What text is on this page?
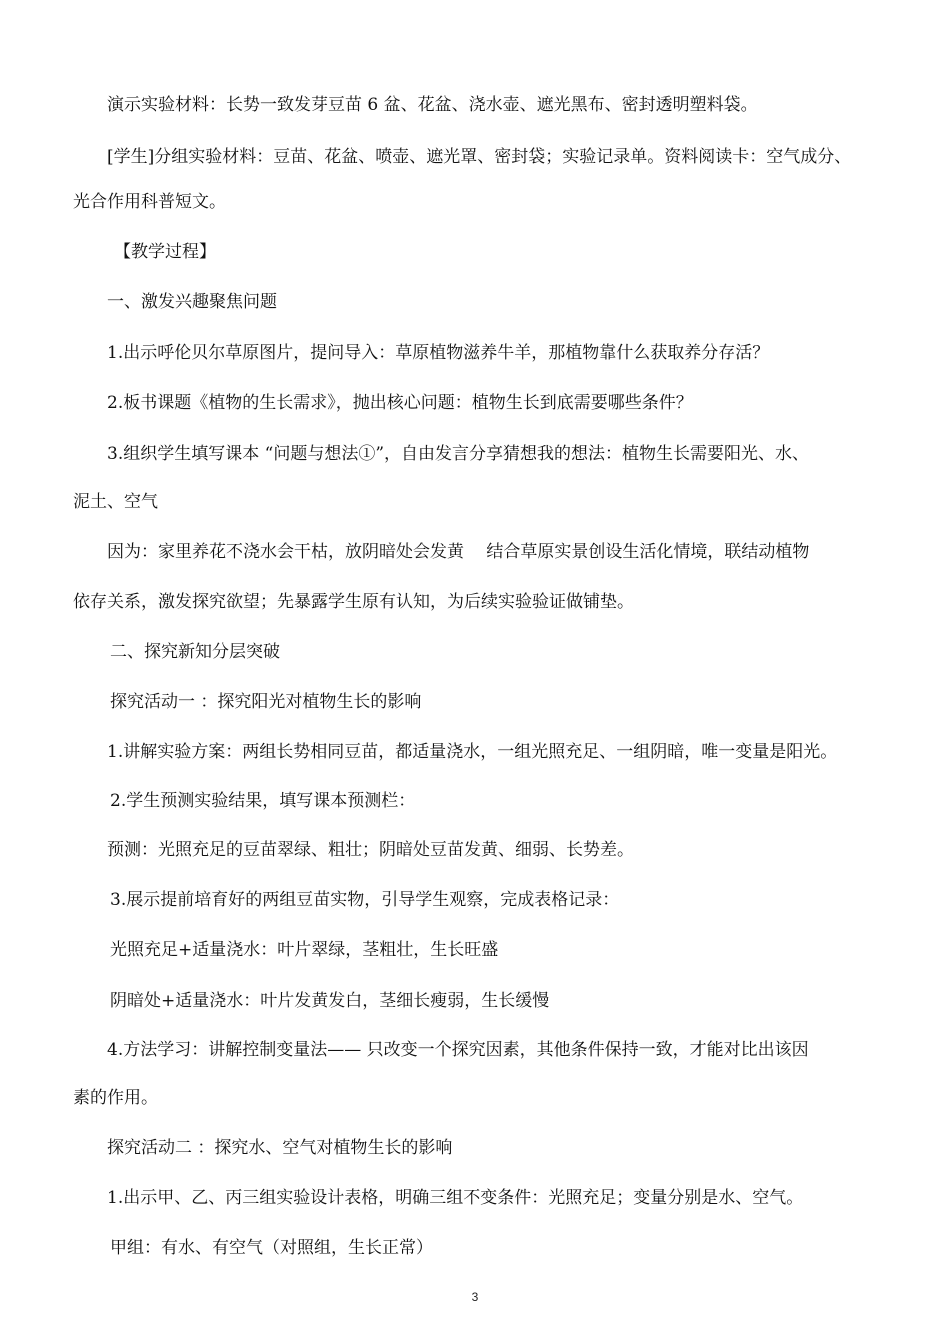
演示实验材料：长势一致发芽豆苗 6 盆、花盆、浇水壶、遮光黑布、密封透明塑料袋。
[学生]分组实验材料：豆苗、花盆、喷壶、遮光罩、密封袋；实验记录单。资料阅读卡：空气成分、
光合作用科普短文。
【教学过程】
一、激发兴趣聚焦问题
1.出示呼伦贝尔草原图片，提问导入：草原植物滋养牛羊，那植物靠什么获取养分存活？
2.板书课题《植物的生长需求》，抛出核心问题：植物生长到底需要哪些条件？
3.组织学生填写课本 “问题与想法①”，自由发言分享猜想我的想法：植物生长需要阳光、水、
泥土、空气
因为：家里养花不浇水会干枯，放阴暗处会发黄　 结合草原实景创设生活化情境，联结动植物
依存关系，激发探究欲望；先暴露学生原有认知，为后续实验验证做铺垫。
二、探究新知分层突破
探究活动一 ：探究阳光对植物生长的影响
1.讲解实验方案：两组长势相同豆苗，都适量浇水，一组光照充足、一组阴暗，唯一变量是阳光。
2.学生预测实验结果，填写课本预测栏：
预测：光照充足的豆苗翠绿、粗壮；阴暗处豆苗发黄、细弱、长势差。
3.展示提前培育好的两组豆苗实物，引导学生观察，完成表格记录：
光照充足+适量浇水：叶片翠绿，茎粗壮，生长旺盛
阴暗处+适量浇水：叶片发黄发白，茎细长瘦弱，生长缓慢
4.方法学习：讲解控制变量法—— 只改变一个探究因素，其他条件保持一致，才能对比出该因
素的作用。
探究活动二 ：探究水、空气对植物生长的影响
1.出示甲、乙、丙三组实验设计表格，明确三组不变条件：光照充足；变量分别是水、空气。
甲组：有水、有空气（对照组，生长正常）
3
